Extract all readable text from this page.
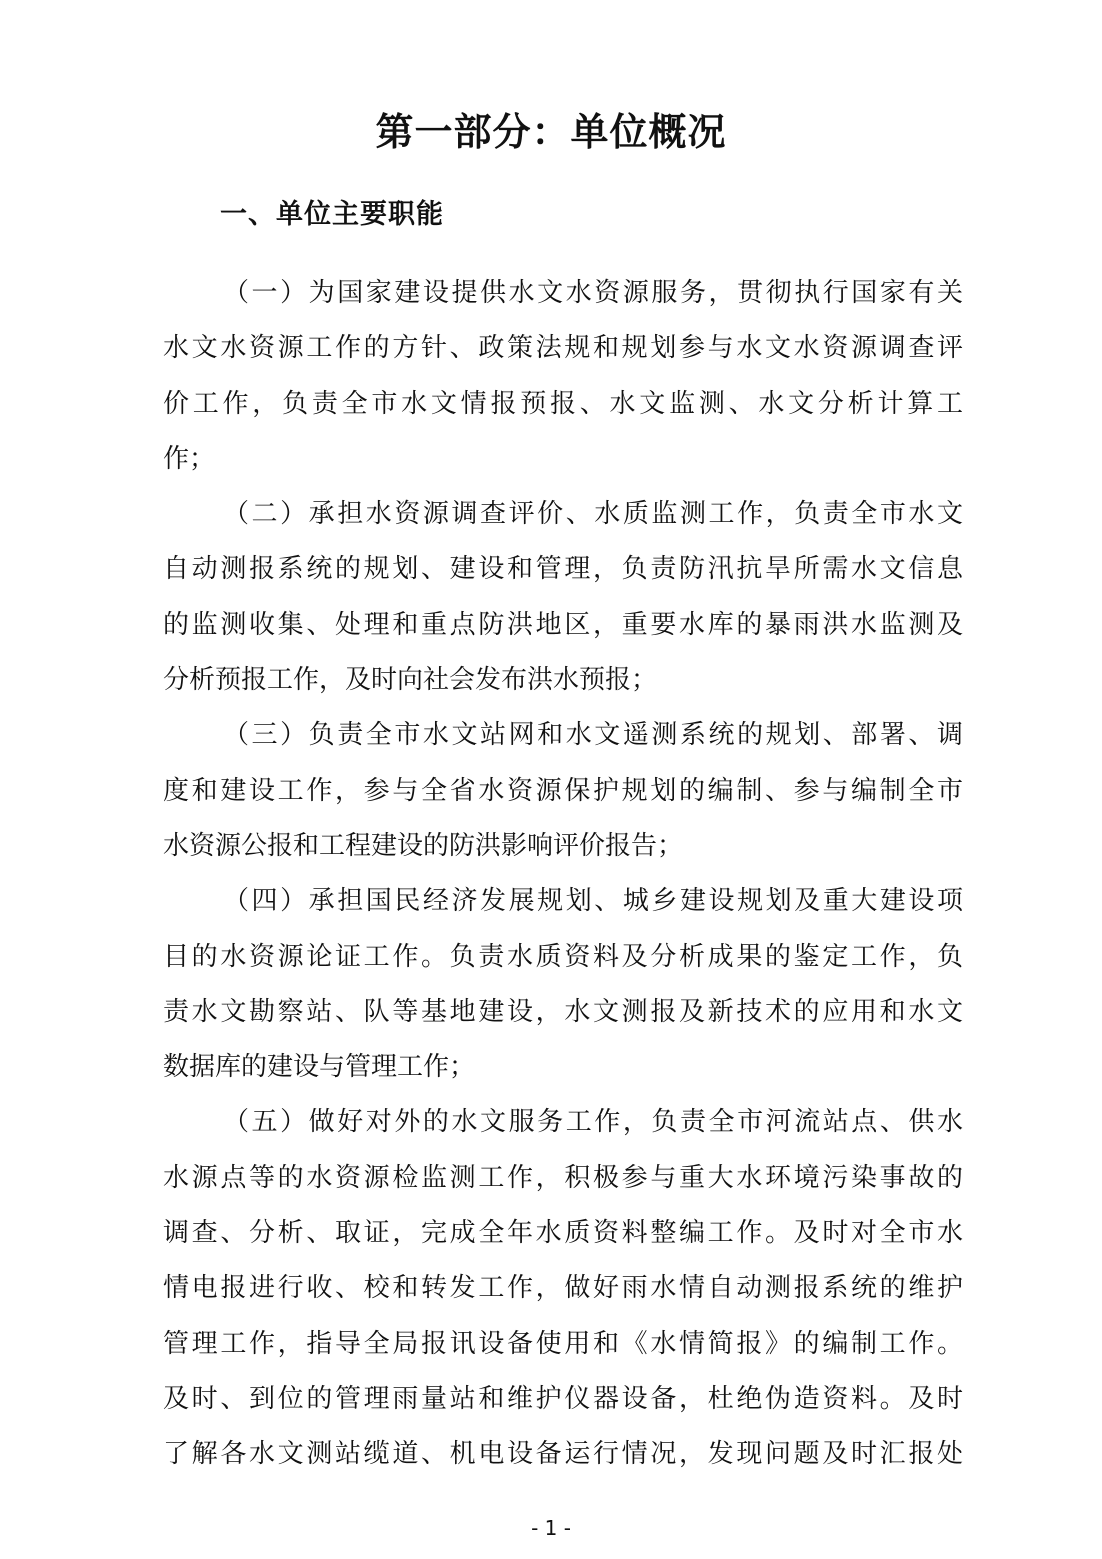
第一部分：单位概况
一、单位主要职能
（一）为国家建设提供水文水资源服务，贯彻执行国家有关
水文水资源工作的方针、政策法规和规划参与水文水资源调查评
价工作，负责全市水文情报预报、水文监测、水文分析计算工
作；
（二）承担水资源调查评价、水质监测工作，负责全市水文
自动测报系统的规划、建设和管理，负责防汛抗旱所需水文信息
的监测收集、处理和重点防洪地区，重要水库的暴雨洪水监测及
分析预报工作，及时向社会发布洪水预报；
（三）负责全市水文站网和水文遥测系统的规划、部署、调
度和建设工作，参与全省水资源保护规划的编制、参与编制全市
水资源公报和工程建设的防洪影响评价报告；
（四）承担国民经济发展规划、城乡建设规划及重大建设项
目的水资源论证工作。负责水质资料及分析成果的鉴定工作，负
责水文勘察站、队等基地建设，水文测报及新技术的应用和水文
数据库的建设与管理工作；
（五）做好对外的水文服务工作，负责全市河流站点、供水
水源点等的水资源检监测工作，积极参与重大水环境污染事故的
调查、分析、取证，完成全年水质资料整编工作。及时对全市水
情电报进行收、校和转发工作，做好雨水情自动测报系统的维护
管理工作，指导全局报讯设备使用和《水情简报》的编制工作。
及时、到位的管理雨量站和维护仪器设备，杜绝伪造资料。及时
了解各水文测站缆道、机电设备运行情况，发现问题及时汇报处
- 1 -
